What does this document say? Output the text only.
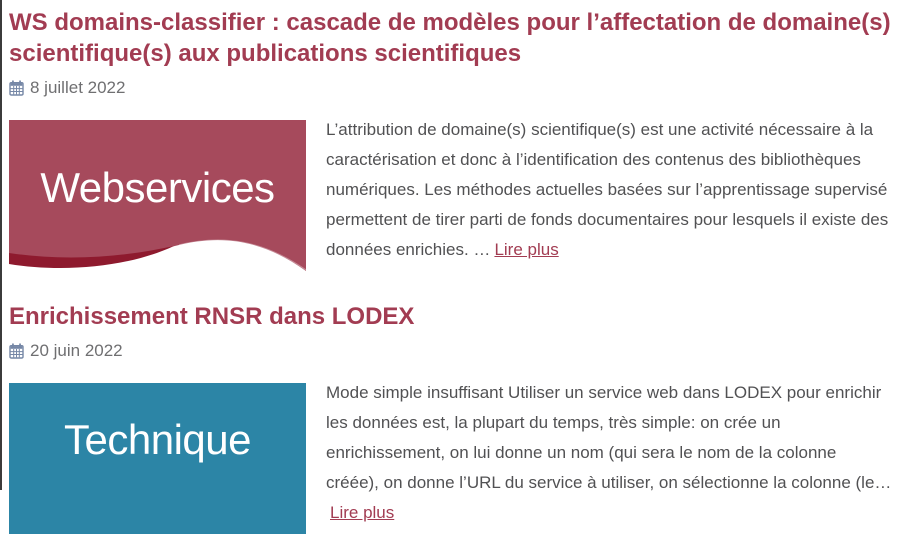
WS domains-classifier : cascade de modèles pour l’affectation de domaine(s) scientifique(s) aux publications scientifiques
8 juillet 2022
Webservices

L’attribution de domaine(s) scientifique(s) est une activité nécessaire à la caractérisation et donc à l’identification des contenus des bibliothèques numériques. Les méthodes actuelles basées sur l’apprentissage supervisé permettent de tirer parti de fonds documentaires pour lesquels il existe des données enrichies. … Lire plus

Enrichissement RNSR dans LODEX
20 juin 2022
Technique

Mode simple insuffisant Utiliser un service web dans LODEX pour enrichir les données est, la plupart du temps, très simple: on crée un enrichissement, on lui donne un nom (qui sera le nom de la colonne créée), on donne l’URL du service à utiliser, on sélectionne la colonne (le…Lire plus
